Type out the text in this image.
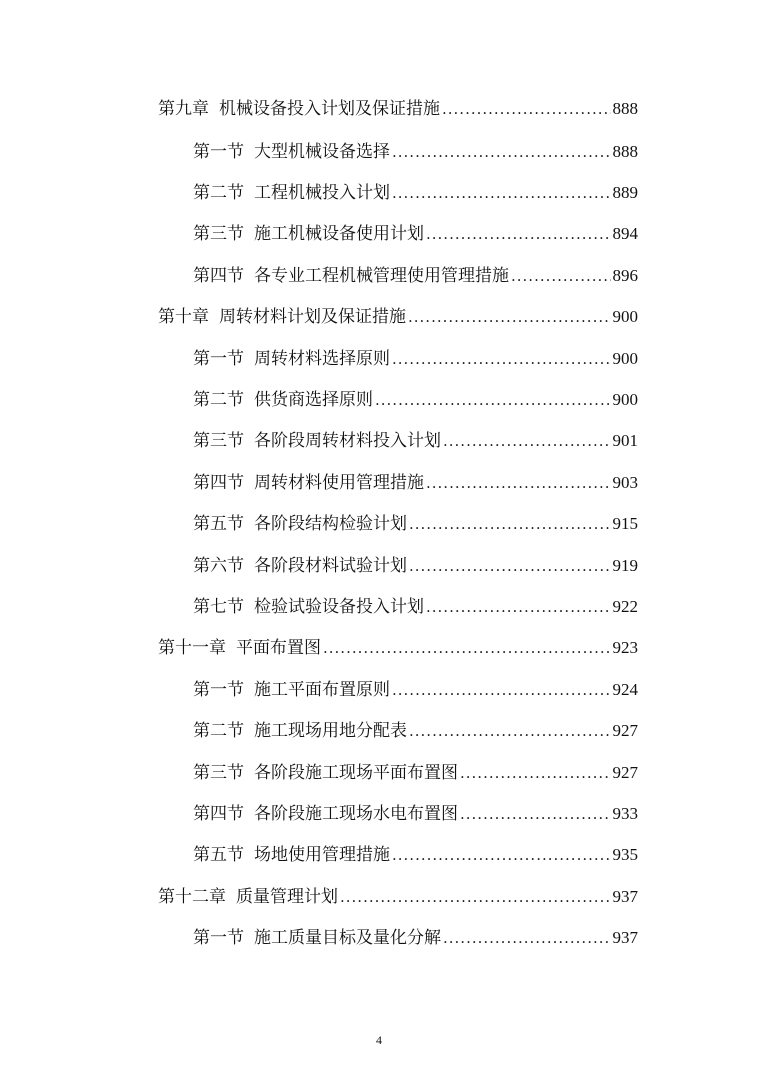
第九章 机械设备投入计划及保证措施 .....	888
第一节 大型机械设备选择 .....	888
第二节 工程机械投入计划 .....	889
第三节 施工机械设备使用计划 .....	894
第四节 各专业工程机械管理使用管理措施 .....	896
第十章 周转材料计划及保证措施 .....	900
第一节 周转材料选择原则 .....	900
第二节 供货商选择原则 .....	900
第三节 各阶段周转材料投入计划 .....	901
第四节 周转材料使用管理措施 .....	903
第五节 各阶段结构检验计划 .....	915
第六节 各阶段材料试验计划 .....	919
第七节 检验试验设备投入计划 .....	922
第十一章 平面布置图 .....	923
第一节 施工平面布置原则 .....	924
第二节 施工现场用地分配表 .....	927
第三节 各阶段施工现场平面布置图 .....	927
第四节 各阶段施工现场水电布置图 .....	933
第五节 场地使用管理措施 .....	935
第十二章 质量管理计划 .....	937
第一节 施工质量目标及量化分解 .....	937
4
